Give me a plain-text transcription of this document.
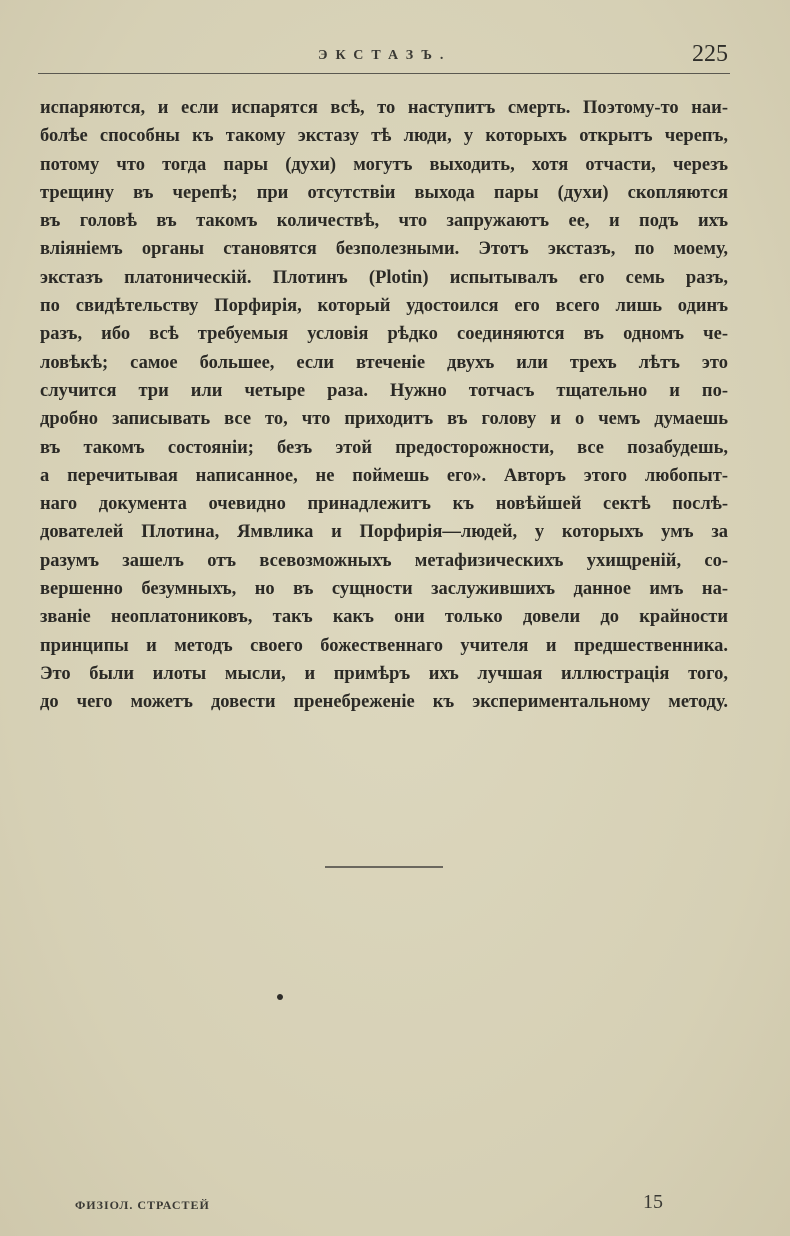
ЭКСТАЗЪ.	225
испаряются, и если испарятся всѣ, то наступитъ смерть. Поэтому-то наи-
болѣе способны къ такому экстазу тѣ люди, у которыхъ открытъ черепъ,
потому что тогда пары (духи) могутъ выходить, хотя отчасти, черезъ
трещину въ черепѣ; при отсутствіи выхода пары (духи) скопляются
въ головѣ въ такомъ количествѣ, что запружаютъ ее, и подъ ихъ
вліяніемъ органы становятся безполезными. Этотъ экстазъ, по моему,
экстазъ платоническій. Плотинъ (Plotin) испытывалъ его семь разъ,
по свидѣтельству Порфирія, который удостоился его всего лишь одинъ
разъ, ибо всѣ требуемыя условія рѣдко соединяются въ одномъ че-
ловѣкѣ; самое большее, если втеченіе двухъ или трехъ лѣтъ это
случится три или четыре раза. Нужно тотчасъ тщательно и по-
дробно записывать все то, что приходитъ въ голову и о чемъ думаешь
въ такомъ состояніи; безъ этой предосторожности, все позабудешь,
а перечитывая написанное, не поймешь его». Авторъ этого любопыт-
наго документа очевидно принадлежитъ къ новѣйшей сектѣ послѣ-
дователей Плотина, Ямвлика и Порфирія—людей, у которыхъ умъ за
разумъ зашелъ отъ всевозможныхъ метафизическихъ ухищреній, со-
вершенно безумныхъ, но въ сущности заслужившихъ данное имъ на-
званіе неоплатониковъ, такъ какъ они только довели до крайности
принципы и методъ своего божественнаго учителя и предшественника.
Это были илоты мысли, и примѣръ ихъ лучшая иллюстрація того,
до чего можетъ довести пренебреженіе къ экспериментальному методу.
ФИЗІОЛ. СТРАСТЕЙ	15
